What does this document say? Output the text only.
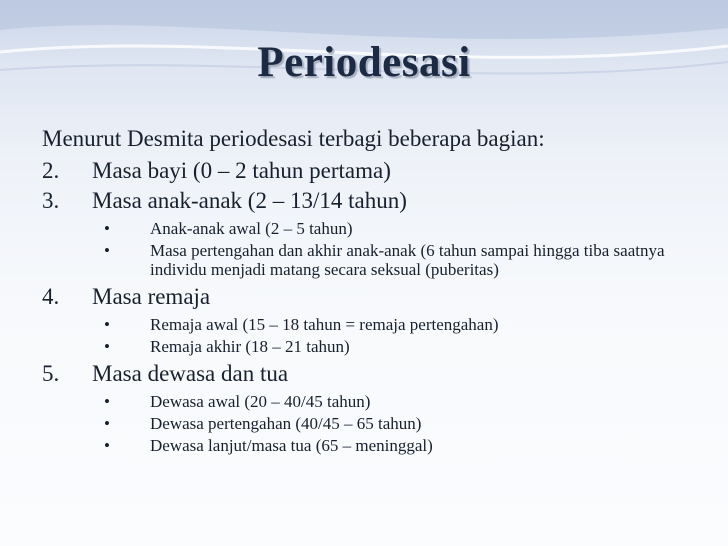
Periodesasi
Menurut Desmita periodesasi terbagi beberapa bagian:
2.	Masa bayi (0 – 2 tahun pertama)
3.	Masa anak-anak (2 – 13/14 tahun)
• Anak-anak awal (2 – 5 tahun)
• Masa pertengahan dan akhir anak-anak (6 tahun sampai hingga tiba saatnya individu menjadi matang secara seksual (puberitas)
4.	Masa remaja
• Remaja awal (15 – 18 tahun = remaja pertengahan)
• Remaja akhir (18 – 21 tahun)
5.	Masa dewasa dan tua
• Dewasa awal (20 – 40/45 tahun)
• Dewasa pertengahan (40/45 – 65 tahun)
• Dewasa lanjut/masa tua (65 – meninggal)
